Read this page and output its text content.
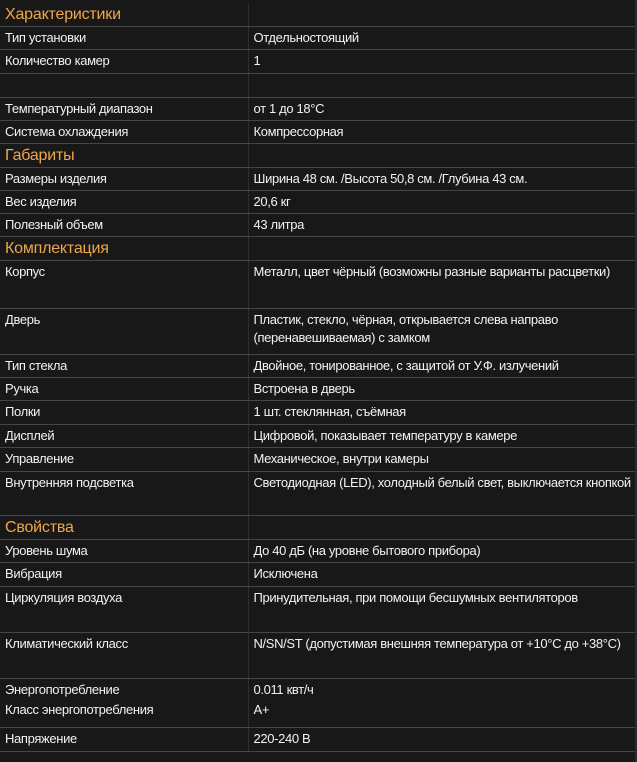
Характеристики	
Тип установки	Отдельностоящий
Количество камер	1

Температурный диапазон	от 1 до 18°С
Система охлаждения	Компрессорная
Габариты	
Размеры изделия	Ширина 48 см. /Высота 50,8 см. /Глубина 43 см.
Вес изделия	20,6 кг
Полезный объем	43 литра
Комплектация	
Корпус	Металл, цвет чёрный (возможны разные варианты расцветки)
Дверь	Пластик, стекло, чёрная, открывается слева направо (перенавешиваемая) с замком
Тип стекла	Двойное, тонированное, с защитой от У.Ф. излучений
Ручка	Встроена в дверь
Полки	1 шт. стеклянная, съёмная
Дисплей	Цифровой, показывает температуру в камере
Управление	Механическое, внутри камеры
Внутренняя подсветка	Светодиодная (LED), холодный белый свет, выключается кнопкой
Свойства	
Уровень шума	До 40 дБ (на уровне бытового прибора)
Вибрация	Исключена
Циркуляция воздуха	Принудительная, при помощи бесшумных вентиляторов
Климатический класс	N/SN/ST (допустимая внешняя температура от +10°С до +38°С)
Энергопотребление	0.011 квт/ч
Класс энергопотребления	A+
Напряжение	220-240 В
